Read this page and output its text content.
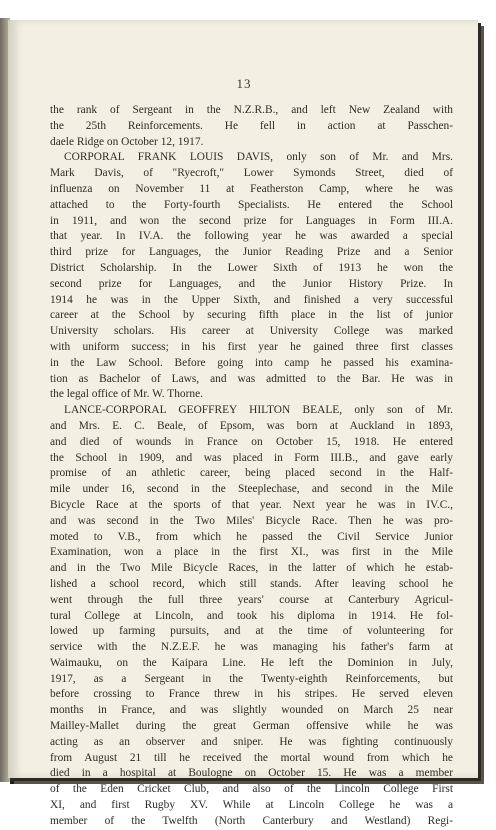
13
the rank of Sergeant in the N.Z.R.B., and left New Zealand with
the 25th Reinforcements. He fell in action at Passchen-
daele Ridge on October 12, 1917.
CORPORAL FRANK LOUIS DAVIS, only son of Mr. and Mrs.
Mark Davis, of "Ryecroft," Lower Symonds Street, died of
influenza on November 11 at Featherston Camp, where he was
attached to the Forty-fourth Specialists. He entered the School
in 1911, and won the second prize for Languages in Form III.A.
that year. In IV.A. the following year he was awarded a special
third prize for Languages, the Junior Reading Prize and a Senior
District Scholarship. In the Lower Sixth of 1913 he won the
second prize for Languages, and the Junior History Prize. In
1914 he was in the Upper Sixth, and finished a very successful
career at the School by securing fifth place in the list of junior
University scholars. His career at University College was marked
with uniform success; in his first year he gained three first classes
in the Law School. Before going into camp he passed his examina-
tion as Bachelor of Laws, and was admitted to the Bar. He was in
the legal office of Mr. W. Thorne.
LANCE-CORPORAL GEOFFREY HILTON BEALE, only son of Mr.
and Mrs. E. C. Beale, of Epsom, was born at Auckland in 1893,
and died of wounds in France on October 15, 1918. He entered
the School in 1909, and was placed in Form III.B., and gave early
promise of an athletic career, being placed second in the Half-
mile under 16, second in the Steeplechase, and second in the Mile
Bicycle Race at the sports of that year. Next year he was in IV.C.,
and was second in the Two Miles' Bicycle Race. Then he was pro-
moted to V.B., from which he passed the Civil Service Junior
Examination, won a place in the first XI., was first in the Mile
and in the Two Mile Bicycle Races, in the latter of which he estab-
lished a school record, which still stands. After leaving school he
went through the full three years' course at Canterbury Agricul-
tural College at Lincoln, and took his diploma in 1914. He fol-
lowed up farming pursuits, and at the time of volunteering for
service with the N.Z.E.F. he was managing his father's farm at
Waimauku, on the Kaipara Line. He left the Dominion in July,
1917, as a Sergeant in the Twenty-eighth Reinforcements, but
before crossing to France threw in his stripes. He served eleven
months in France, and was slightly wounded on March 25 near
Mailley-Mallet during the great German offensive while he was
acting as an observer and sniper. He was fighting continuously
from August 21 till he received the mortal wound from which he
died in a hospital at Boulogne on October 15. He was a member
of the Eden Cricket Club, and also of the Lincoln College First
XI, and first Rugby XV. While at Lincoln College he was a
member of the Twelfth (North Canterbury and Westland) Regi-
